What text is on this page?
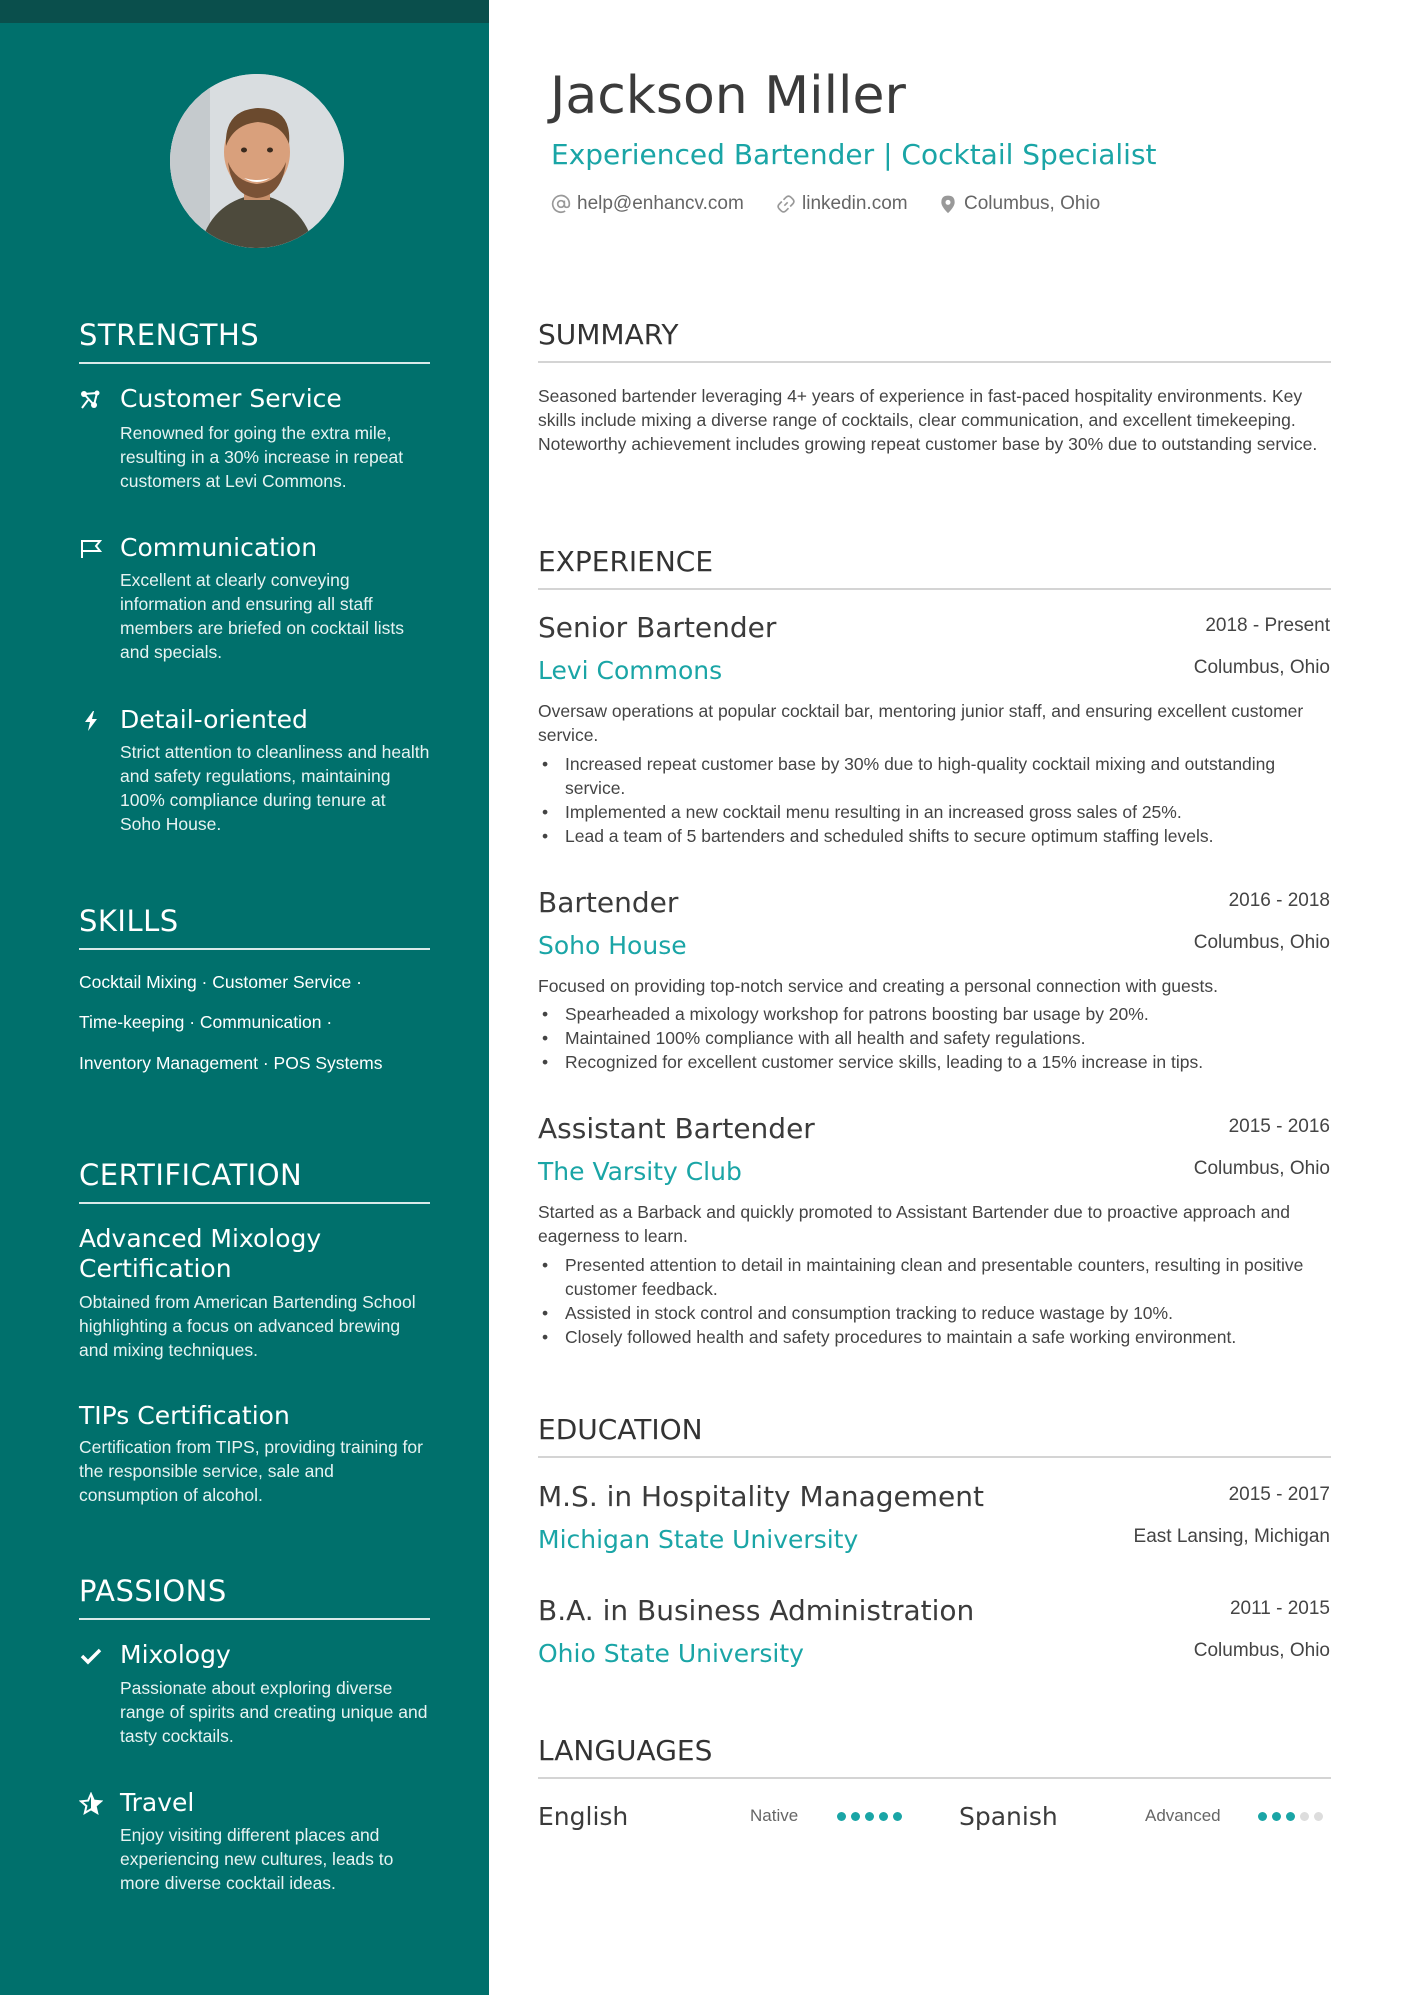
STRENGTHS
Customer Service
Renowned for going the extra mile, resulting in a 30% increase in repeat customers at Levi Commons.
Communication
Excellent at clearly conveying information and ensuring all staff members are briefed on cocktail lists and specials.
Detail-oriented
Strict attention to cleanliness and health and safety regulations, maintaining 100% compliance during tenure at Soho House.
SKILLS
Cocktail Mixing · Customer Service ·
Time-keeping · Communication ·
Inventory Management · POS Systems
CERTIFICATION
Advanced Mixology Certification
Obtained from American Bartending School highlighting a focus on advanced brewing and mixing techniques.
TIPs Certification
Certification from TIPS, providing training for the responsible service, sale and consumption of alcohol.
PASSIONS
Mixology
Passionate about exploring diverse range of spirits and creating unique and tasty cocktails.
Travel
Enjoy visiting different places and experiencing new cultures, leads to more diverse cocktail ideas.
Jackson Miller
Experienced Bartender | Cocktail Specialist
help@enhancv.com	linkedin.com	Columbus, Ohio
SUMMARY
Seasoned bartender leveraging 4+ years of experience in fast-paced hospitality environments. Key skills include mixing a diverse range of cocktails, clear communication, and excellent timekeeping. Noteworthy achievement includes growing repeat customer base by 30% due to outstanding service.
EXPERIENCE
Senior Bartender	2018 - Present
Levi Commons	Columbus, Ohio
Oversaw operations at popular cocktail bar, mentoring junior staff, and ensuring excellent customer service.
• Increased repeat customer base by 30% due to high-quality cocktail mixing and outstanding service.
• Implemented a new cocktail menu resulting in an increased gross sales of 25%.
• Lead a team of 5 bartenders and scheduled shifts to secure optimum staffing levels.
Bartender	2016 - 2018
Soho House	Columbus, Ohio
Focused on providing top-notch service and creating a personal connection with guests.
• Spearheaded a mixology workshop for patrons boosting bar usage by 20%.
• Maintained 100% compliance with all health and safety regulations.
• Recognized for excellent customer service skills, leading to a 15% increase in tips.
Assistant Bartender	2015 - 2016
The Varsity Club	Columbus, Ohio
Started as a Barback and quickly promoted to Assistant Bartender due to proactive approach and eagerness to learn.
• Presented attention to detail in maintaining clean and presentable counters, resulting in positive customer feedback.
• Assisted in stock control and consumption tracking to reduce wastage by 10%.
• Closely followed health and safety procedures to maintain a safe working environment.
EDUCATION
M.S. in Hospitality Management	2015 - 2017
Michigan State University	East Lansing, Michigan
B.A. in Business Administration	2011 - 2015
Ohio State University	Columbus, Ohio
LANGUAGES
English	Native	Spanish	Advanced
